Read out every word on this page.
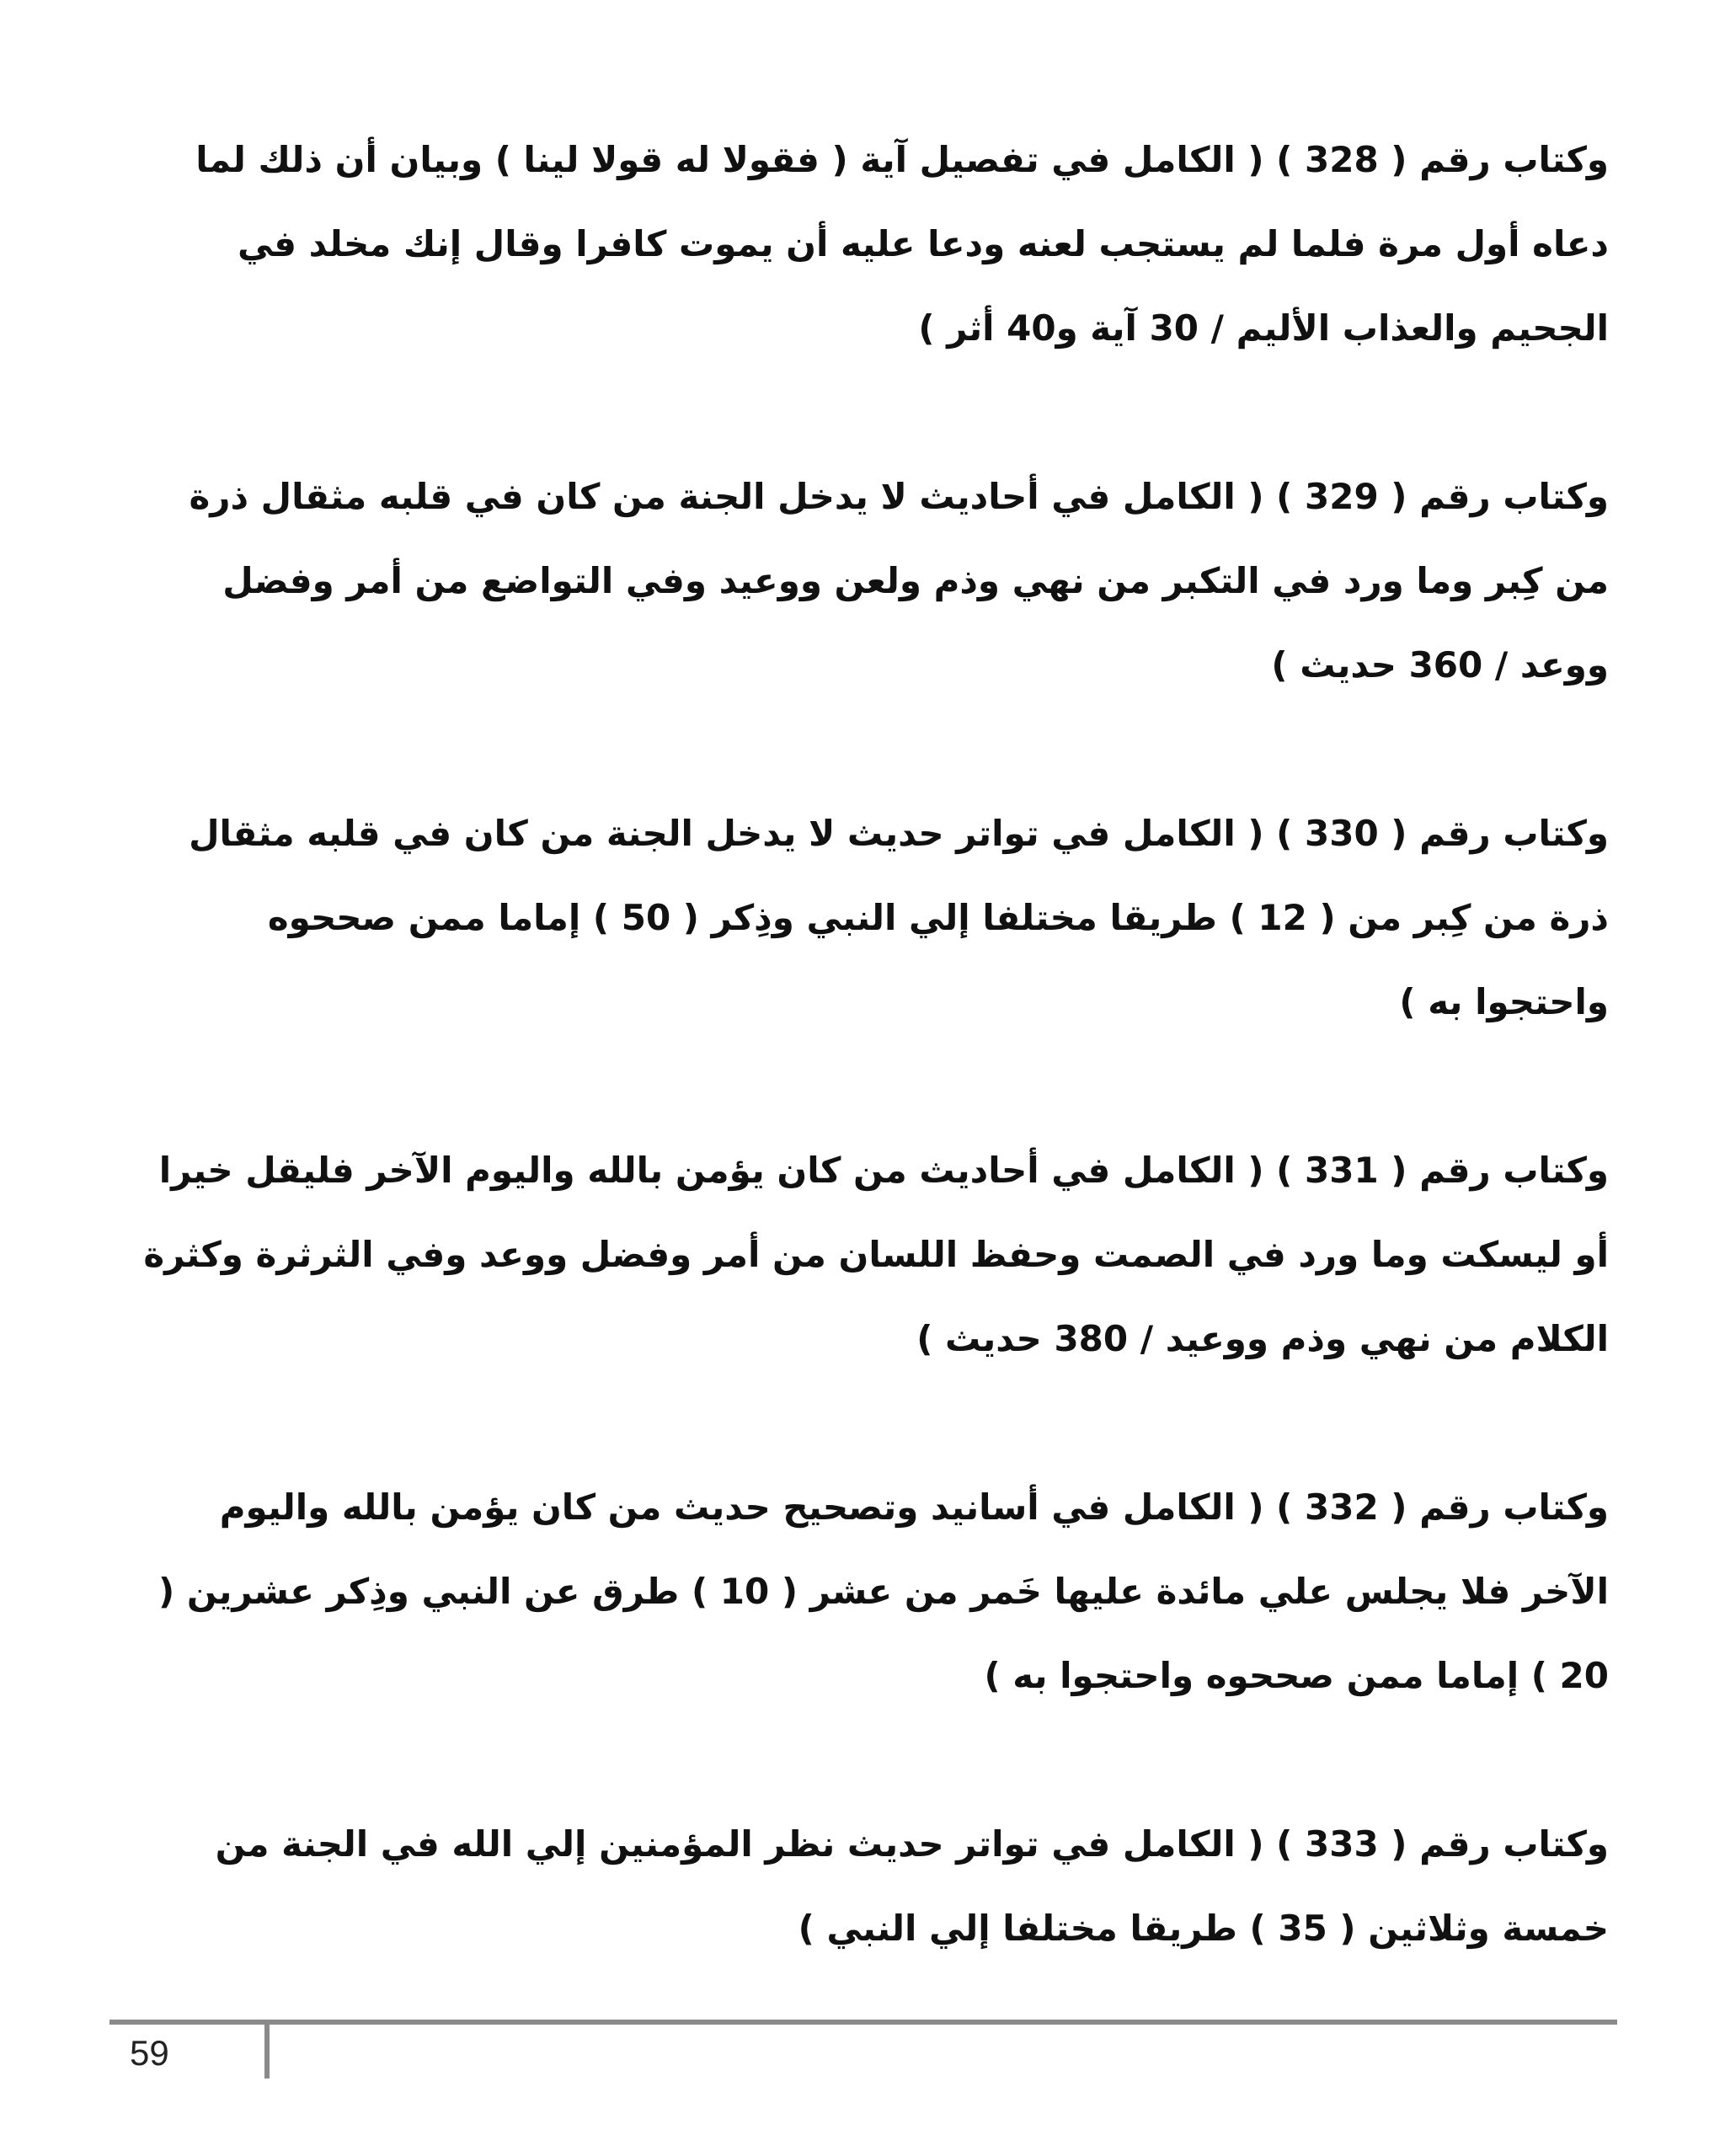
وكتاب رقم ( 328 ) ( الكامل في تفصيل آية ( فقولا له قولا لينا ) وبيان أن ذلك لما دعاه أول مرة فلما لم يستجب لعنه ودعا عليه أن يموت كافرا وقال إنك مخلد في الجحيم والعذاب الأليم / 30 آية و40 أثر )

وكتاب رقم ( 329 ) ( الكامل في أحاديث لا يدخل الجنة من كان في قلبه مثقال ذرة من كِبر وما ورد في التكبر من نهي وذم ولعن ووعيد وفي التواضع من أمر وفضل ووعد / 360 حديث )

وكتاب رقم ( 330 ) ( الكامل في تواتر حديث لا يدخل الجنة من كان في قلبه مثقال ذرة من كِبر من ( 12 ) طريقا مختلفا إلي النبي وذِكر ( 50 ) إماما ممن صححوه واحتجوا به )

وكتاب رقم ( 331 ) ( الكامل في أحاديث من كان يؤمن بالله واليوم الآخر فليقل خيرا أو ليسكت وما ورد في الصمت وحفظ اللسان من أمر وفضل ووعد وفي الثرثرة وكثرة الكلام من نهي وذم ووعيد / 380 حديث )

وكتاب رقم ( 332 ) ( الكامل في أسانيد وتصحيح حديث من كان يؤمن بالله واليوم الآخر فلا يجلس علي مائدة عليها خَمر من عشر ( 10 ) طرق عن النبي وذِكر عشرين ( 20 ) إماما ممن صححوه واحتجوا به )

وكتاب رقم ( 333 ) ( الكامل في تواتر حديث نظر المؤمنين إلي الله في الجنة من خمسة وثلاثين ( 35 ) طريقا مختلفا إلي النبي )

59
